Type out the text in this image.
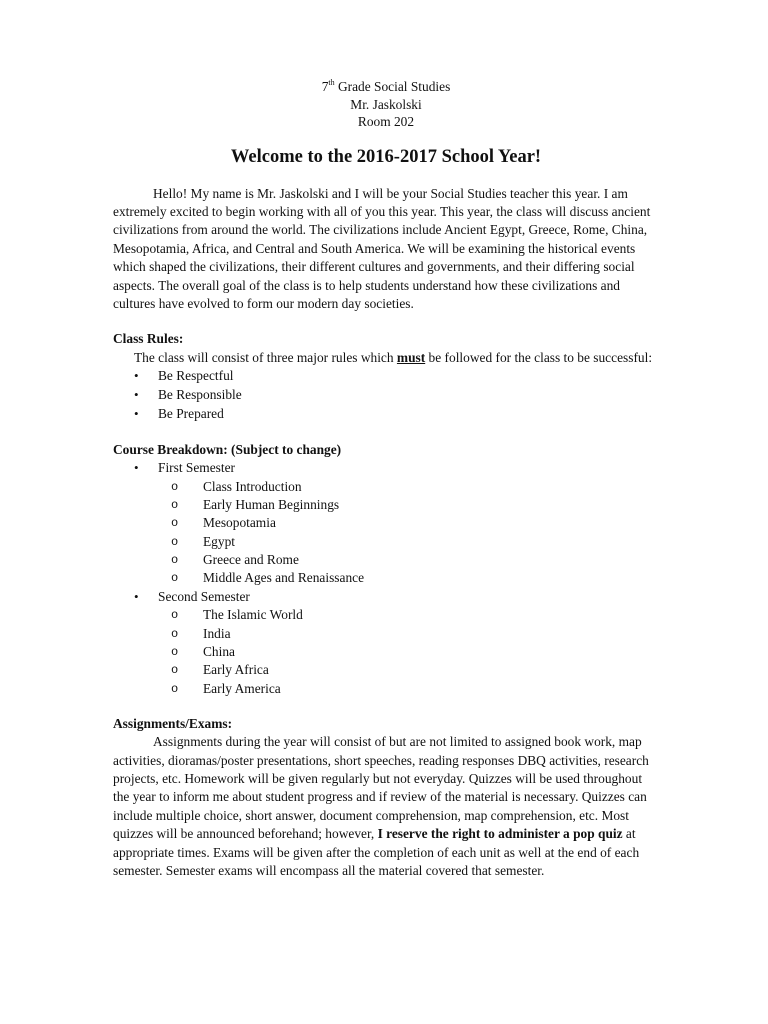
7th Grade Social Studies
Mr. Jaskolski
Room 202
Welcome to the 2016-2017 School Year!

Hello! My name is Mr. Jaskolski and I will be your Social Studies teacher this year. I am extremely excited to begin working with all of you this year. This year, the class will discuss ancient civilizations from around the world. The civilizations include Ancient Egypt, Greece, Rome, China, Mesopotamia, Africa, and Central and South America. We will be examining the historical events which shaped the civilizations, their different cultures and governments, and their differing social aspects. The overall goal of the class is to help students understand how these civilizations and cultures have evolved to form our modern day societies.

Class Rules:

The class will consist of three major rules which must be followed for the class to be successful:

• Be Respectful
• Be Responsible
• Be Prepared
Course Breakdown: (Subject to change)
• First Semester
o Class Introduction
o Early Human Beginnings
o Mesopotamia
o Egypt
o Greece and Rome
o Middle Ages and Renaissance
• Second Semester
o The Islamic World
o India
o China
o Early Africa
o Early America
Assignments/Exams:

Assignments during the year will consist of but are not limited to assigned book work, map activities, dioramas/poster presentations, short speeches, reading responses DBQ activities, research projects, etc. Homework will be given regularly but not everyday. Quizzes will be used throughout the year to inform me about student progress and if review of the material is necessary. Quizzes can include multiple choice, short answer, document comprehension, map comprehension, etc. Most quizzes will be announced beforehand; however, I reserve the right to administer a pop quiz at appropriate times. Exams will be given after the completion of each unit as well at the end of each semester. Semester exams will encompass all the material covered that semester.
